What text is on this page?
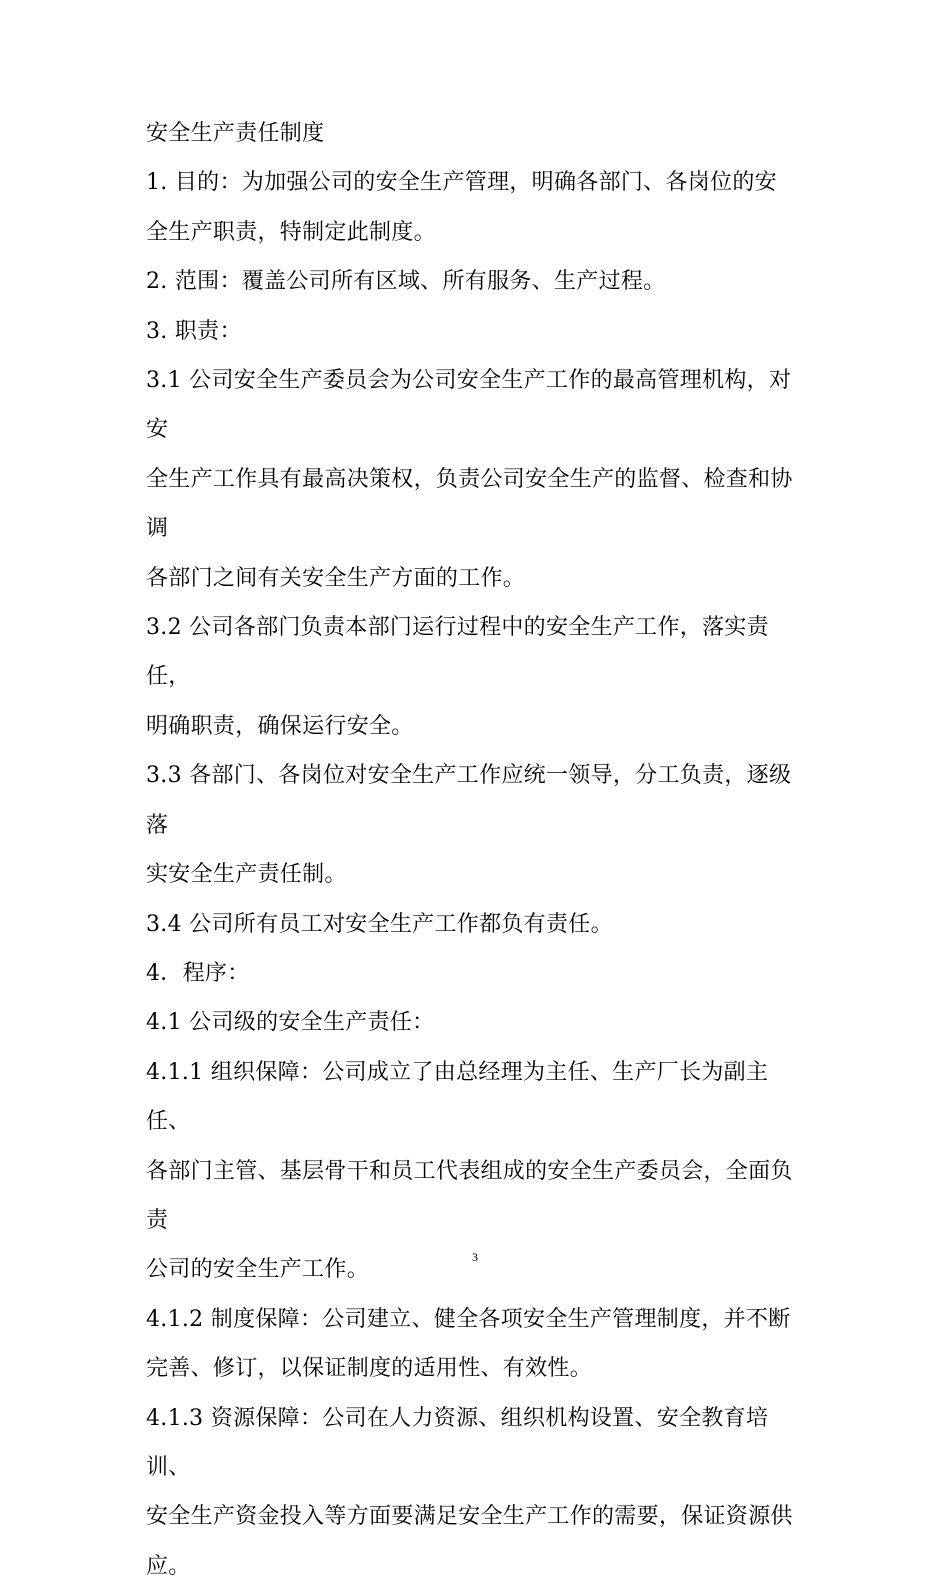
安全生产责任制度

1. 目的：为加强公司的安全生产管理，明确各部门、各岗位的安
全生产职责，特制定此制度。

2. 范围：覆盖公司所有区域、所有服务、生产过程。

3. 职责：

3.1 公司安全生产委员会为公司安全生产工作的最高管理机构，对安
全生产工作具有最高决策权，负责公司安全生产的监督、检查和协调
各部门之间有关安全生产方面的工作。

3.2 公司各部门负责本部门运行过程中的安全生产工作，落实责任，
明确职责，确保运行安全。

3.3 各部门、各岗位对安全生产工作应统一领导，分工负责，逐级落
实安全生产责任制。

3.4 公司所有员工对安全生产工作都负有责任。

4．程序：

4.1 公司级的安全生产责任：

4.1.1 组织保障：公司成立了由总经理为主任、生产厂长为副主任、
各部门主管、基层骨干和员工代表组成的安全生产委员会，全面负责
公司的安全生产工作。

4.1.2 制度保障：公司建立、健全各项安全生产管理制度，并不断
完善、修订，以保证制度的适用性、有效性。

4.1.3 资源保障：公司在人力资源、组织机构设置、安全教育培训、
安全生产资金投入等方面要满足安全生产工作的需要，保证资源供
应。

3
